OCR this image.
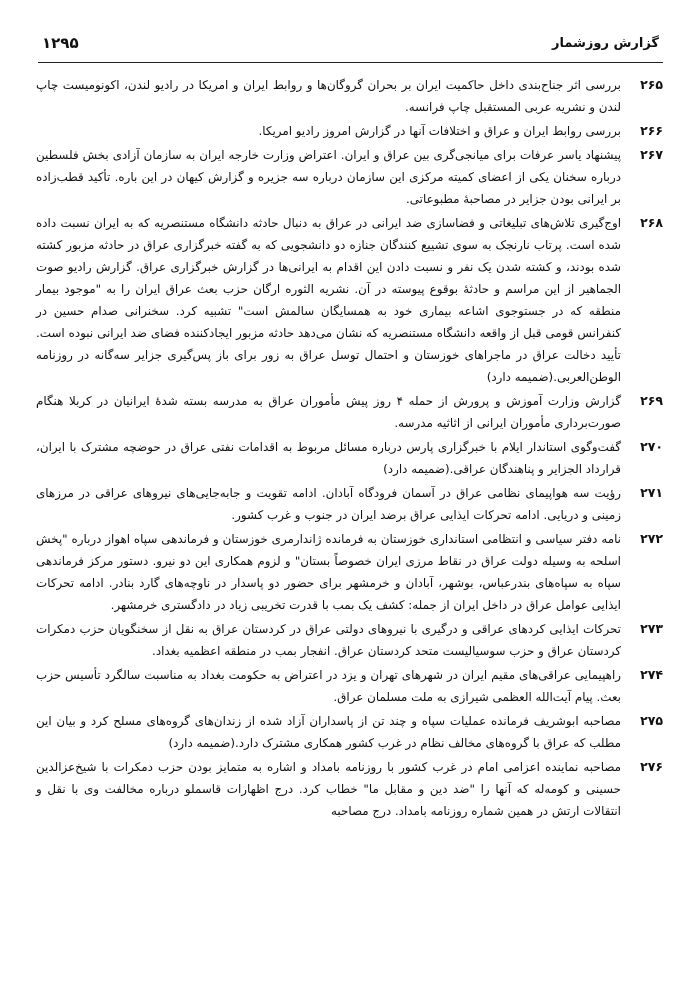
گزارش روزشمار
۱۲۹۵
۲۶۵

بررسی اثر جناح‌بندی داخل حاکمیت ایران بر بحران گروگان‌ها و روابط ایران و امریکا در رادیو لندن، اکونومیست چاپ لندن و نشریه عربی المستقبل چاپ فرانسه.

۲۶۶

بررسی روابط ایران و عراق و اختلافات آنها در گزارش امروز رادیو امریکا.

۲۶۷

پیشنهاد یاسر عرفات برای میانجی‌گری بین عراق و ایران. اعتراض وزارت خارجه ایران به سازمان آزادی بخش فلسطین درباره سخنان یکی از اعضای کمیته مرکزی این سازمان درباره سه جزیره و گزارش کیهان در این باره. تأکید قطب‌زاده بر ایرانی بودن جزایر در مصاحبهٔ مطبوعاتی.

۲۶۸

اوج‌گیری تلاش‌های تبلیغاتی و فضاسازی ضد ایرانی در عراق به دنبال حادثه دانشگاه مستنصریه که به ایران نسبت داده شده است. پرتاب نارنجک به سوی تشییع کنندگان جنازه دو دانشجویی که به گفته خبرگزاری عراق در حادثه مزبور کشته شده بودند، و کشته شدن یک نفر و نسبت دادن این اقدام به ایرانی‌ها در گزارش خبرگزاری عراق. گزارش رادیو صوت الجماهیر از این مراسم و حادثهٔ بوقوع پیوسته در آن. نشریه الثوره ارگان حزب بعث عراق ایران را به "موجود بیمار منطقه که در جستوجوی اشاعه بیماری خود به همسایگان سالمش است" تشبیه کرد. سخنرانی صدام حسین در کنفرانس قومی قبل از واقعه دانشگاه مستنصریه که نشان می‌دهد حادثه مزبور ایجادکننده فضای ضد ایرانی نبوده است. تأیید دخالت عراق در ماجراهای خوزستان و احتمال توسل عراق به زور برای باز پس‌گیری جزایر سه‌گانه در روزنامه الوطن‌العربی.(ضمیمه دارد)

۲۶۹

گزارش وزارت آموزش و پرورش از حمله ۴ روز پیش مأموران عراق به مدرسه بسته شدهٔ ایرانیان در کربلا هنگام صورت‌برداری مأموران ایرانی از اثاثیه مدرسه.

۲۷۰

گفت‌وگوی استاندار ایلام با خبرگزاری پارس درباره مسائل مربوط به اقدامات نفتی عراق در حوضچه مشترک با ایران، قرارداد الجزایر و پناهندگان عراقی.(ضمیمه دارد)

۲۷۱

رؤیت سه هواپیمای نظامی عراق در آسمان فرودگاه آبادان. ادامه تقویت و جابه‌جایی‌های نیروهای عراقی در مرزهای زمینی و دریایی. ادامه تحرکات ایذایی عراق برضد ایران در جنوب و غرب کشور.

۲۷۲

نامه دفتر سیاسی و انتظامی استانداری خوزستان به فرمانده ژاندارمری خوزستان و فرماندهی سپاه اهواز درباره "پخش اسلحه به وسیله دولت عراق در نقاط مرزی ایران خصوصاً بستان" و لزوم همکاری این دو نیرو. دستور مرکز فرماندهی سپاه به سپاه‌های بندرعباس، بوشهر، آبادان و خرمشهر برای حضور دو پاسدار در ناوچه‌های گارد بنادر. ادامه تحرکات ایذایی عوامل عراق در داخل ایران از جمله: کشف یک بمب با قدرت تخریبی زیاد در دادگستری خرمشهر.

۲۷۳

تحرکات ایذایی کردهای عراقی و درگیری با نیروهای دولتی عراق در کردستان عراق به نقل از سخنگویان حزب دمکرات کردستان عراق و حزب سوسیالیست متحد کردستان عراق. انفجار بمب در منطقه اعظمیه بغداد.

۲۷۴

راهپیمایی عراقی‌های مقیم ایران در شهرهای تهران و یزد در اعتراض به حکومت بغداد به مناسبت سالگرد تأسیس حزب بعث. پیام آیت‌الله العظمی شیرازی به ملت مسلمان عراق.

۲۷۵

مصاحبه ابوشریف فرمانده عملیات سپاه و چند تن از پاسداران آزاد شده از زندان‌های گروه‌های مسلح کرد و بیان این مطلب که عراق با گروه‌های مخالف نظام در غرب کشور همکاری مشترک دارد.(ضمیمه دارد)

۲۷۶

مصاحبه نماینده اعزامی امام در غرب کشور با روزنامه بامداد و اشاره به متمایز بودن حزب دمکرات با شیخ‌عزالدین حسینی و کومه‌له که آنها را "ضد دین و مقابل ما" خطاب کرد. درج اظهارات قاسملو درباره مخالفت وی با نقل و انتقالات ارتش در همین شماره روزنامه بامداد. درج مصاحبه
